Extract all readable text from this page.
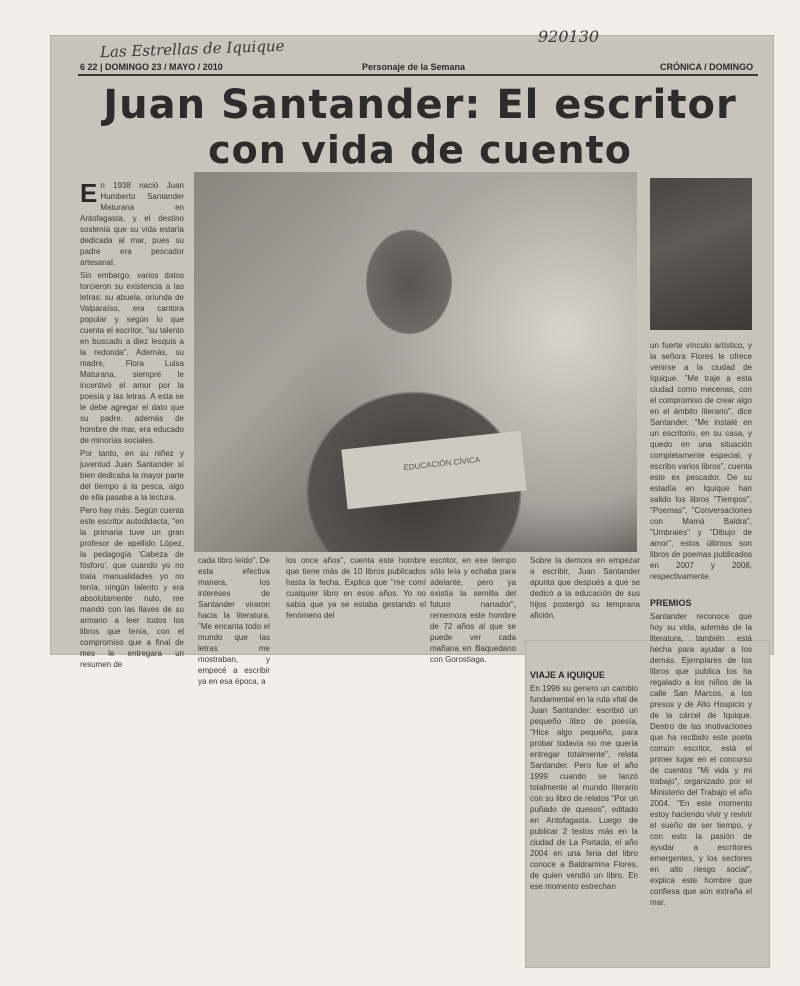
Las Estrellas de Iquique
920130
6 22 | DOMINGO 23 / MAYO / 2010	Personaje de la Semana	CRÓNICA / DOMINGO
Juan Santander: El escritor
con vida de cuento
EDUCACIÓN CÍVICA

En 1938 nació Juan Humberto Santander Maturana en Antofagasta, y el destino sostenía que su vida estaría dedicada al mar, pues su padre era pescador artesanal.

Sin embargo, varios datos torcieron su existencia a las letras: su abuela, oriunda de Valparaíso, era cantora popular y según lo que cuenta el escritor, "su talento en buscado a diez lesquis a la redonda". Además, su madre, Flora Luisa Maturana, siempre le incentivó el amor por la poesía y las letras. A esta se le debe agregar el dato que su padre, además de hombre de mar, era educado de minorías sociales.

Por tanto, en su niñez y juventud Juan Santander sí bien dedicaba la mayor parte del tiempo a la pesca, algo de ella pasaba a la lectura.

Pero hay más. Según cuenta este escritor autodidacta, "en la primaria tuve un gran profesor de apellido López, la pedagogía 'Cabeza de fósforo', que cuando yo no traía manualidades yo no tenía, ningún talento y era absolutamente nulo, me mandó con las llaves de su armario a leer todos los libros que tenía, con el compromiso que a final de mes le entregara un resumen de

cada libro leído". De esta efectiva manera, los intereses de Santander viraron hacia la literatura. "Me encanta todo el mundo que las letras me mostraban, y empecé a escribir ya en esa época, a
los once años", cuenta este hombre que tiene más de 10 libros publicados hasta la fecha. Explica que "me comí cualquier libro en esos años. Yo no sabía que ya se estaba gestando el fenómeno del
escritor, en ese tiempo sólo leía y echaba para adelante, pero ya existía la semilla del futuro narrador", rememora este hombre de 72 años al que se puede ver cada mañana en Baquedano con Gorostiaga.
Sobre la demora en empezar a escribir, Juan Santander apunta que después a que se dedicó a la educación de sus hijos postergó su temprana afición.
un fuerte vínculo artístico, y la señora Flores le ofrece venirse a la ciudad de Iquique. "Me traje a esta ciudad como mecenas, con el compromiso de crear algo en el ámbito literario", dice Santander. "Me instalé en un escritorio, en su casa, y quedo en una situación completamente especial, y escribo varios libros", cuenta este ex pescador. De su estadía en Iquique han salido los libros "Tiempos", "Poemas", "Conversaciones con Mamá Baldra", "Umbrales" y "Dibujo de amor", estos últimos son libros de poemas publicados en 2007 y 2008, respectivamente.

VIAJE A IQUIQUE

En 1996 su genero un cambio fundamental en la ruta vital de Juan Santander: escribió un pequeño libro de poesía, "Hice algo pequeño, para probar todavía no me quería entregar totalmente", relata Santander. Pero fue el año 1999 cuando se lanzó totalmente al mundo literario con su libro de relatos "Por un puñado de quesos", editado en Antofagasta. Luego de publicar 2 textos más en la ciudad de La Portada, el año 2004 en una feria del libro conoce a Baldramina Flores, de quien vendió un libro. En ese momento estrechan

PREMIOS

Santander reconoce que hoy su vida, además de la literatura, también está hecha para ayudar a los demás. Ejemplares de los libros que publica los ha regalado a los niños de la calle San Marcos, a los presos y de Alto Hospicio y de la cárcel de Iquique. Dentro de las motivaciones que ha recibido este poeta común escritor, está el primer lugar en el concurso de cuentos "Mi vida y mi trabajo", organizado por el Ministerio del Trabajo el año 2004. "En este momento estoy haciendo vivir y revivir el sueño de ser tiempo, y con esto la pasión de ayudar a escritores emergentes, y los sectores en alto riesgo social", explica este hombre que confiesa que aún extraña el mar.
